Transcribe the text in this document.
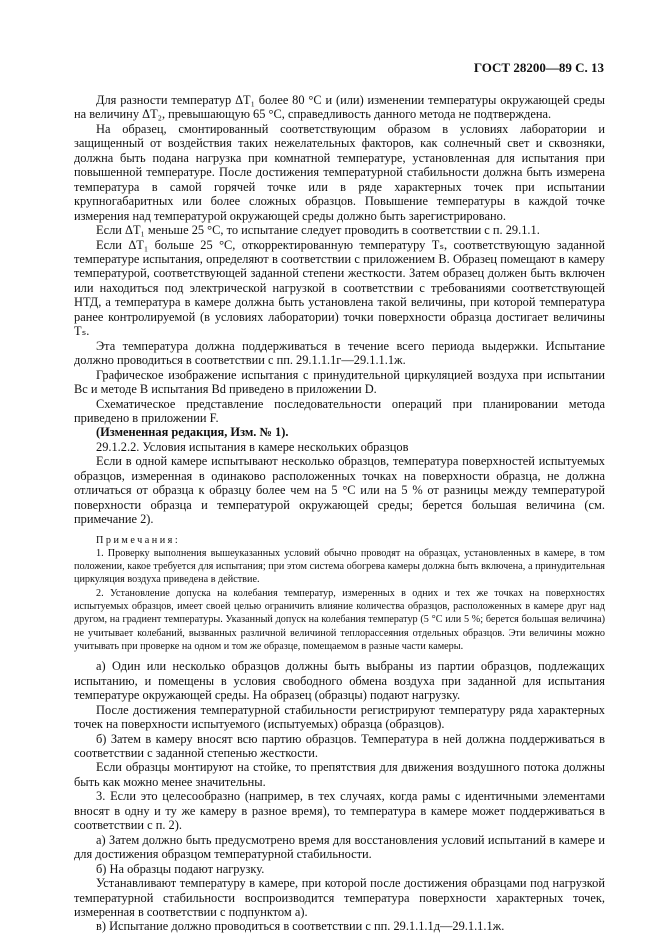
ГОСТ 28200—89 С. 13

Для разности температур ΔT₁ более 80 °С и (или) изменении температуры окружающей среды на величину ΔT₂, превышающую 65 °С, справедливость данного метода не подтверждена.

На образец, смонтированный соответствующим образом в условиях лаборатории и защищенный от воздействия таких нежелательных факторов, как солнечный свет и сквозняки, должна быть подана нагрузка при комнатной температуре, установленная для испытания при повышенной температуре. После достижения температурной стабильности должна быть измерена температура в самой горячей точке или в ряде характерных точек при испытании крупногабаритных или более сложных образцов. Повышение температуры в каждой точке измерения над температурой окружающей среды должно быть зарегистрировано.

Если ΔT₁ меньше 25 °С, то испытание следует проводить в соответствии с п. 29.1.1.

Если ΔT₁ больше 25 °С, откорректированную температуру Tₛ, соответствующую заданной температуре испытания, определяют в соответствии с приложением В. Образец помещают в камеру температурой, соответствующей заданной степени жесткости. Затем образец должен быть включен или находиться под электрической нагрузкой в соответствии с требованиями соответствующей НТД, а температура в камере должна быть установлена такой величины, при которой температура ранее контролируемой (в условиях лаборатории) точки поверхности образца достигает величины Tₛ.

Эта температура должна поддерживаться в течение всего периода выдержки. Испытание должно проводиться в соответствии с пп. 29.1.1.1г—29.1.1.1ж.

Графическое изображение испытания с принудительной циркуляцией воздуха при испытании Вс и методе В испытания Bd приведено в приложении D.

Схематическое представление последовательности операций при планировании метода приведено в приложении F.

(Измененная редакция, Изм. № 1).

29.1.2.2. Условия испытания в камере нескольких образцов

Если в одной камере испытывают несколько образцов, температура поверхностей испытуемых образцов, измеренная в одинаково расположенных точках на поверхности образца, не должна отличаться от образца к образцу более чем на 5 °С или на 5 % от разницы между температурой поверхности образца и температурой окружающей среды; берется большая величина (см. примечание 2).

Примечания:

1. Проверку выполнения вышеуказанных условий обычно проводят на образцах, установленных в камере, в том положении, какое требуется для испытания; при этом система обогрева камеры должна быть включена, а принудительная циркуляция воздуха приведена в действие.

2. Установление допуска на колебания температур, измеренных в одних и тех же точках на поверхностях испытуемых образцов, имеет своей целью ограничить влияние количества образцов, расположенных в камере друг над другом, на градиент температуры. Указанный допуск на колебания температур (5 °С или 5 %; берется большая величина) не учитывает колебаний, вызванных различной величиной теплорассеяния отдельных образцов. Эти величины можно учитывать при проверке на одном и том же образце, помещаемом в разные части камеры.

а) Один или несколько образцов должны быть выбраны из партии образцов, подлежащих испытанию, и помещены в условия свободного обмена воздуха при заданной для испытания температуре окружающей среды. На образец (образцы) подают нагрузку.

После достижения температурной стабильности регистрируют температуру ряда характерных точек на поверхности испытуемого (испытуемых) образца (образцов).

б) Затем в камеру вносят всю партию образцов. Температура в ней должна поддерживаться в соответствии с заданной степенью жесткости.

Если образцы монтируют на стойке, то препятствия для движения воздушного потока должны быть как можно менее значительны.

3. Если это целесообразно (например, в тех случаях, когда рамы с идентичными элементами вносят в одну и ту же камеру в разное время), то температура в камере может поддерживаться в соответствии с п. 2).

а) Затем должно быть предусмотрено время для восстановления условий испытаний в камере и для достижения образцом температурной стабильности.

б) На образцы подают нагрузку.

Устанавливают температуру в камере, при которой после достижения образцами под нагрузкой температурной стабильности воспроизводится температура поверхности характерных точек, измеренная в соответствии с подпунктом а).

в) Испытание должно проводиться в соответствии с пп. 29.1.1.1д—29.1.1.1ж.
